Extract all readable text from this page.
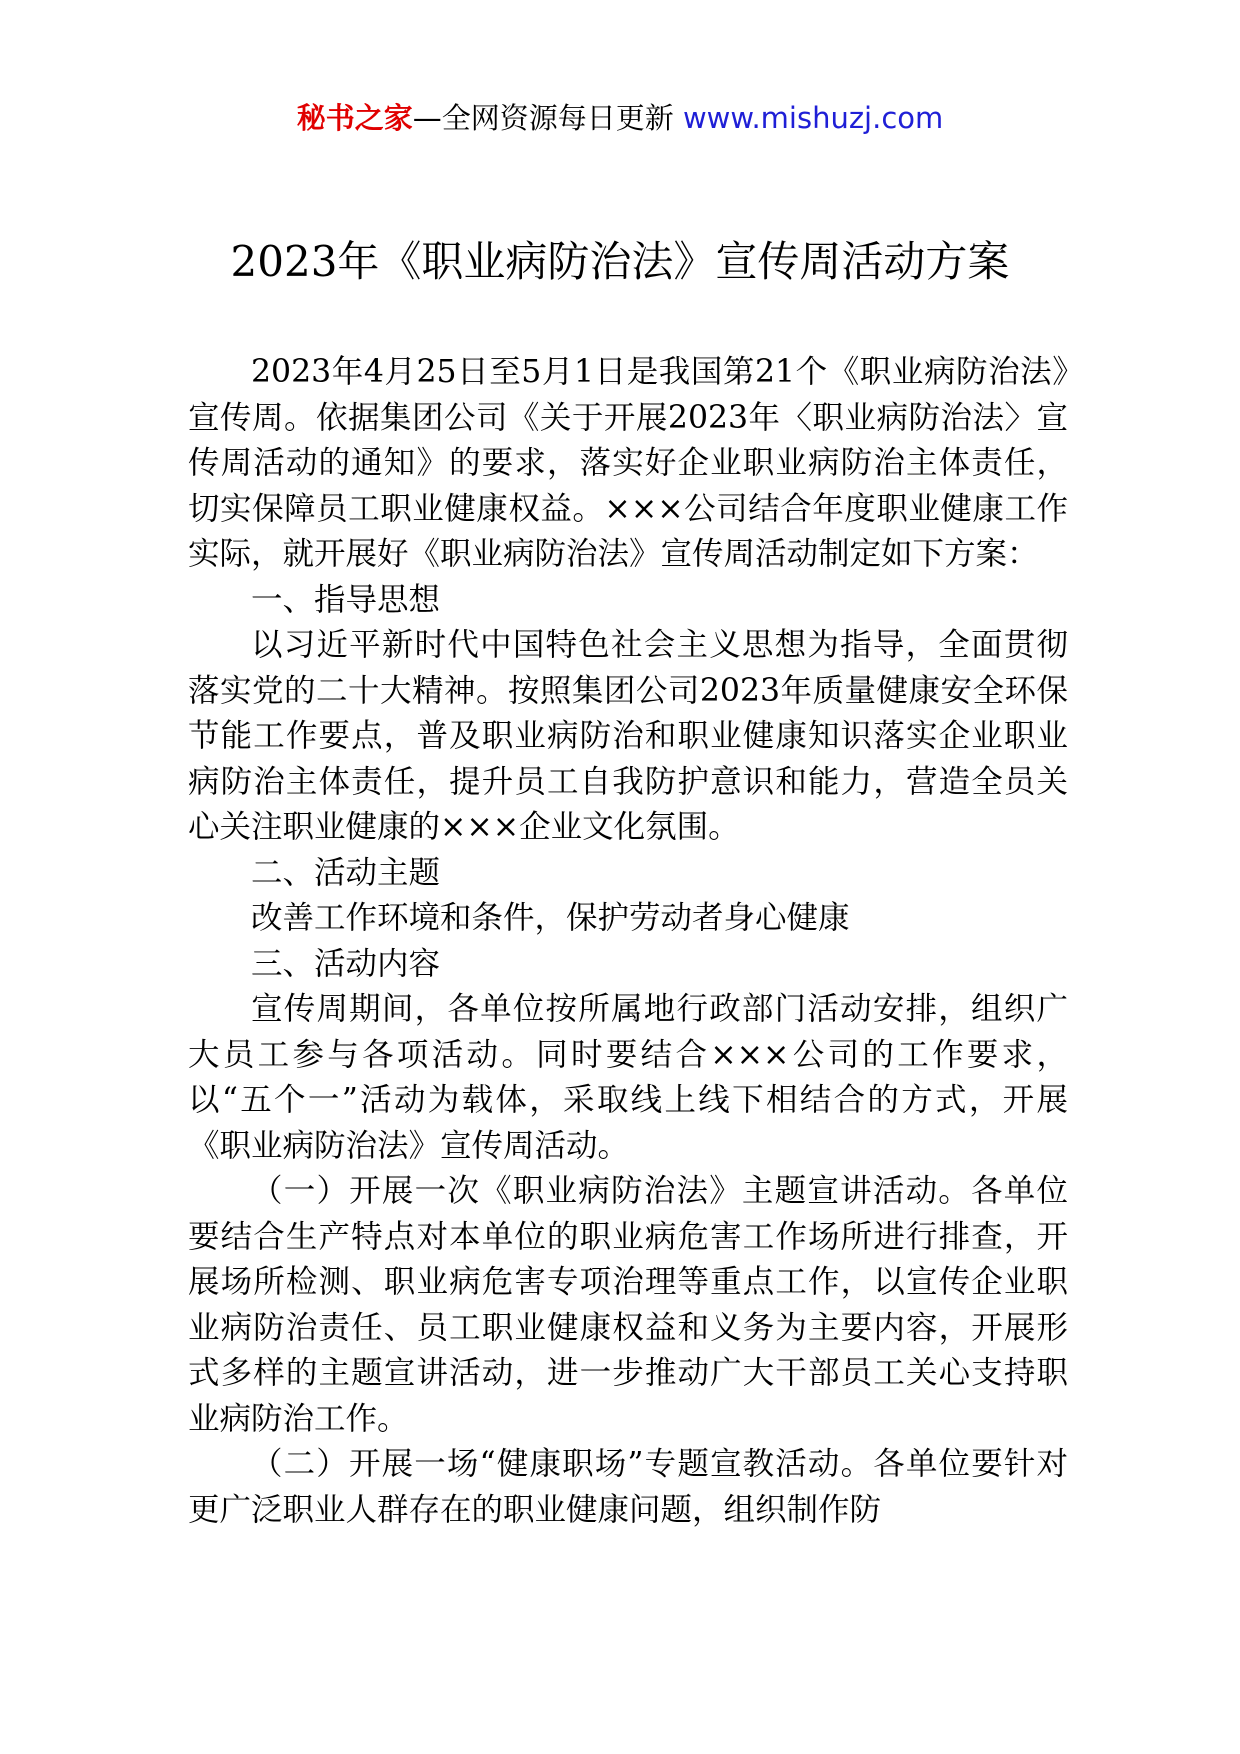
秘书之家—全网资源每日更新 www.mishuzj.com
2023年《职业病防治法》宣传周活动方案

2023年4月25日至5月1日是我国第21个《职业病防治法》宣传周。依据集团公司《关于开展2023年〈职业病防治法〉宣传周活动的通知》的要求，落实好企业职业病防治主体责任，切实保障员工职业健康权益。×××公司结合年度职业健康工作实际，就开展好《职业病防治法》宣传周活动制定如下方案：

一、指导思想

以习近平新时代中国特色社会主义思想为指导，全面贯彻落实党的二十大精神。按照集团公司2023年质量健康安全环保节能工作要点，普及职业病防治和职业健康知识落实企业职业病防治主体责任，提升员工自我防护意识和能力，营造全员关心关注职业健康的×××企业文化氛围。

二、活动主题

改善工作环境和条件，保护劳动者身心健康

三、活动内容

宣传周期间，各单位按所属地行政部门活动安排，组织广大员工参与各项活动。同时要结合×××公司的工作要求，以“五个一”活动为载体，采取线上线下相结合的方式，开展《职业病防治法》宣传周活动。

（一）开展一次《职业病防治法》主题宣讲活动。各单位要结合生产特点对本单位的职业病危害工作场所进行排查，开展场所检测、职业病危害专项治理等重点工作，以宣传企业职业病防治责任、员工职业健康权益和义务为主要内容，开展形式多样的主题宣讲活动，进一步推动广大干部员工关心支持职业病防治工作。

（二）开展一场“健康职场”专题宣教活动。各单位要针对更广泛职业人群存在的职业健康问题，组织制作防
